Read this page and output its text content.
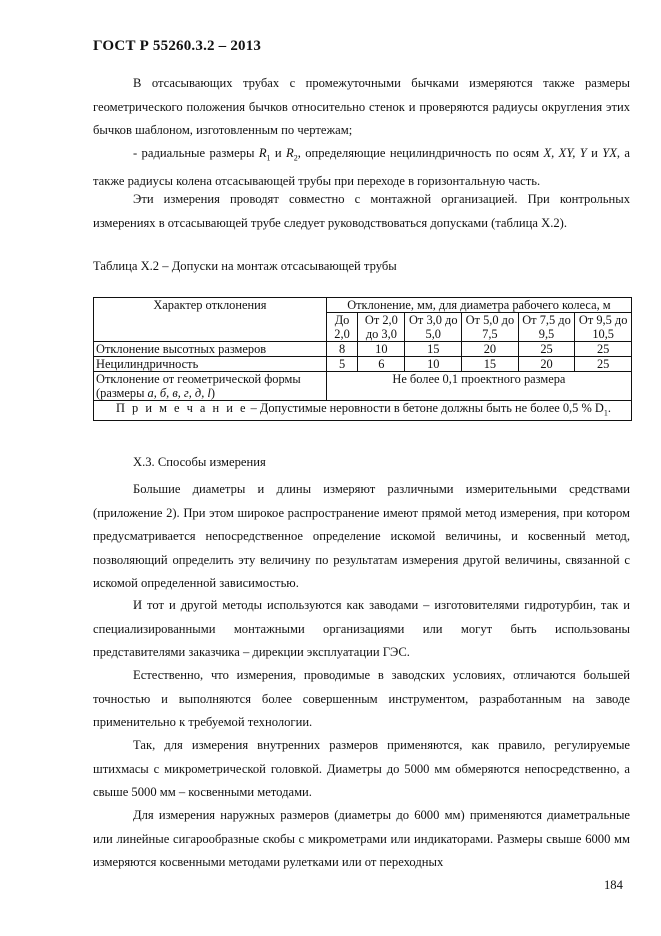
ГОСТ Р 55260.3.2 – 2013

В отсасывающих трубах с промежуточными бычками измеряются также размеры геометрического положения бычков относительно стенок и проверяются радиусы округления этих бычков шаблоном, изготовленным по чертежам;

- радиальные размеры $R_1$ и $R_2$, определяющие нецилиндричность по осям X, XY, Y и YX, а также радиусы колена отсасывающей трубы при переходе в горизонтальную часть.

Эти измерения проводят совместно с монтажной организацией. При контрольных измерениях в отсасывающей трубе следует руководствоваться допусками (таблица Х.2).

Таблица Х.2 – Допуски на монтаж отсасывающей трубы
Характер отклонения	Отклонение, мм, для диаметра рабочего колеса, м					
	До 2,0	От 2,0 до 3,0	От 3,0 до 5,0	От 5,0 до 7,5	От 7,5 до 9,5	От 9,5 до 10,5
Отклонение высотных размеров	8	10	15	20	25	25
Нецилиндричность	5	6	10	15	20	25
Отклонение от геометрической формы (размеры а, б, в, г, д, l)	Не более 0,1 проектного размера					
П р и м е ч а н и е – Допустимые неровности в бетоне должны быть не более 0,5 % $D_1$.						
Х.3. Способы измерения

Большие диаметры и длины измеряют различными измерительными средствами (приложение 2). При этом широкое распространение имеют прямой метод измерения, при котором предусматривается непосредственное определение искомой величины, и косвенный метод, позволяющий определить эту величину по результатам измерения другой величины, связанной с искомой определенной зависимостью.

И тот и другой методы используются как заводами – изготовителями гидротурбин, так и специализированными монтажными организациями или могут быть использованы представителями заказчика – дирекции эксплуатации ГЭС.

Естественно, что измерения, проводимые в заводских условиях, отличаются большей точностью и выполняются более совершенным инструментом, разработанным на заводе применительно к требуемой технологии.

Так, для измерения внутренних размеров применяются, как правило, регулируемые штихмасы с микрометрической головкой. Диаметры до 5000 мм обмеряются непосредственно, а свыше 5000 мм – косвенными методами.

Для измерения наружных размеров (диаметры до 6000 мм) применяются диаметральные или линейные сигарообразные скобы с микрометрами или индикаторами. Размеры свыше 6000 мм измеряются косвенными методами рулетками или от переходных

184
